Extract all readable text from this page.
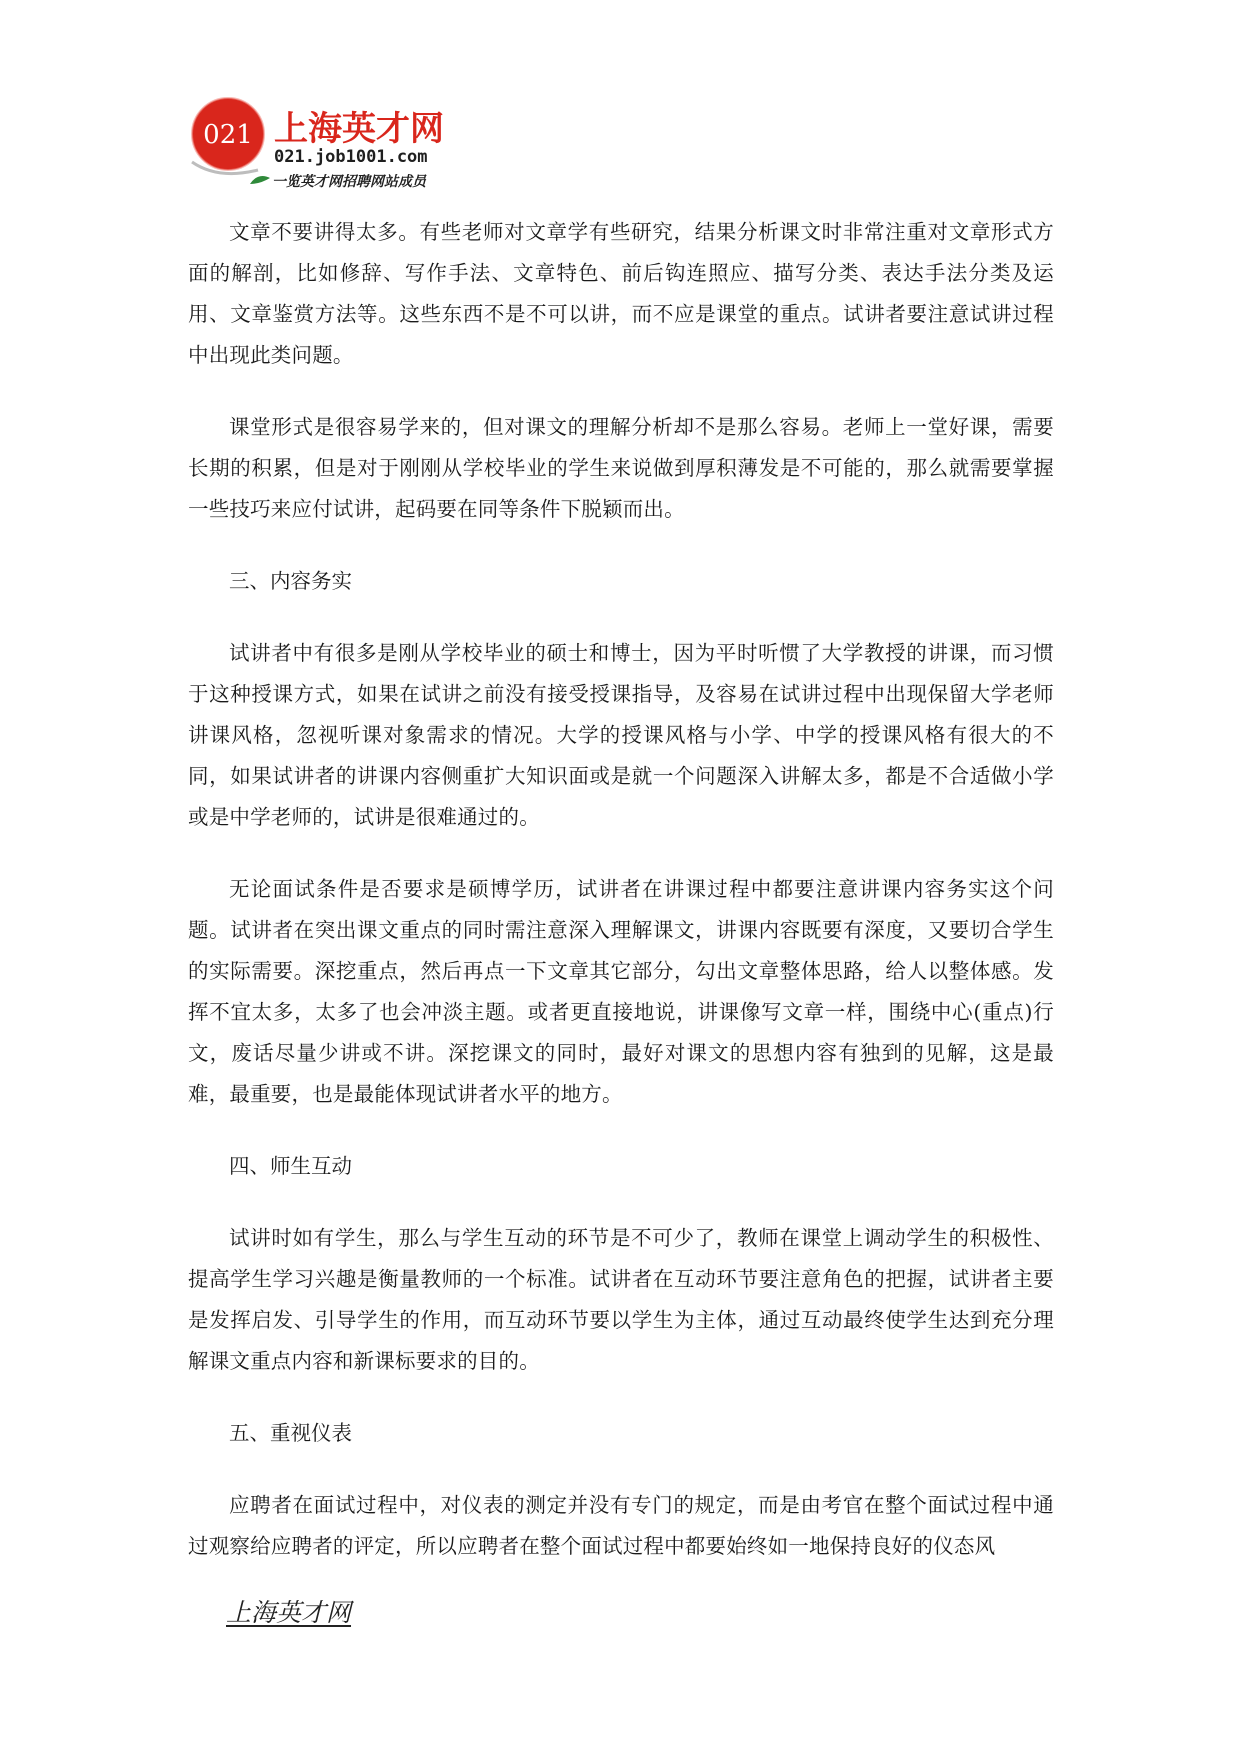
021 上海英才网
021.job1001.com
一览英才网招聘网站成员

文章不要讲得太多。有些老师对文章学有些研究，结果分析课文时非常注重对文章形式方面的解剖，比如修辞、写作手法、文章特色、前后钩连照应、描写分类、表达手法分类及运用、文章鉴赏方法等。这些东西不是不可以讲，而不应是课堂的重点。试讲者要注意试讲过程中出现此类问题。

课堂形式是很容易学来的，但对课文的理解分析却不是那么容易。老师上一堂好课，需要长期的积累，但是对于刚刚从学校毕业的学生来说做到厚积薄发是不可能的，那么就需要掌握一些技巧来应付试讲，起码要在同等条件下脱颖而出。

三、内容务实

试讲者中有很多是刚从学校毕业的硕士和博士，因为平时听惯了大学教授的讲课，而习惯于这种授课方式，如果在试讲之前没有接受授课指导，及容易在试讲过程中出现保留大学老师讲课风格，忽视听课对象需求的情况。大学的授课风格与小学、中学的授课风格有很大的不同，如果试讲者的讲课内容侧重扩大知识面或是就一个问题深入讲解太多，都是不合适做小学或是中学老师的，试讲是很难通过的。

无论面试条件是否要求是硕博学历，试讲者在讲课过程中都要注意讲课内容务实这个问题。试讲者在突出课文重点的同时需注意深入理解课文，讲课内容既要有深度，又要切合学生的实际需要。深挖重点，然后再点一下文章其它部分，勾出文章整体思路，给人以整体感。发挥不宜太多，太多了也会冲淡主题。或者更直接地说，讲课像写文章一样，围绕中心(重点)行文，废话尽量少讲或不讲。深挖课文的同时，最好对课文的思想内容有独到的见解，这是最难，最重要，也是最能体现试讲者水平的地方。

四、师生互动

试讲时如有学生，那么与学生互动的环节是不可少了，教师在课堂上调动学生的积极性、提高学生学习兴趣是衡量教师的一个标准。试讲者在互动环节要注意角色的把握，试讲者主要是发挥启发、引导学生的作用，而互动环节要以学生为主体，通过互动最终使学生达到充分理解课文重点内容和新课标要求的目的。

五、重视仪表

应聘者在面试过程中，对仪表的测定并没有专门的规定，而是由考官在整个面试过程中通过观察给应聘者的评定，所以应聘者在整个面试过程中都要始终如一地保持良好的仪态风

上海英才网
